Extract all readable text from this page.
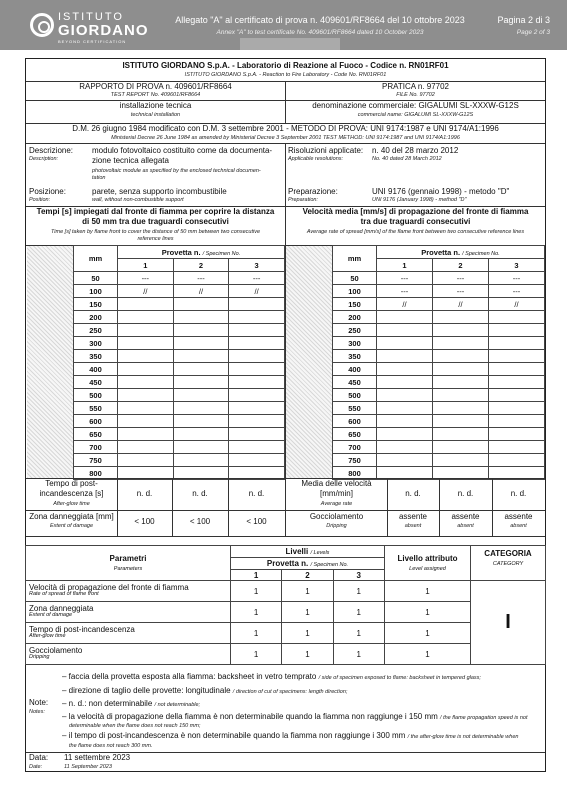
ISTITUTO
GIORDANO
BEYOND CERTIFICATION
Allegato "A" al certificato di prova n. 409601/RF8664 del 10 ottobre 2023
Annex "A" to test certificate No. 409601/RF8664 dated 10 October 2023
Pagina 2 di 3
Page 2 of 3
ISTITUTO GIORDANO S.p.A. - Laboratorio di Reazione al Fuoco - Codice n. RN01RF01
ISTITUTO GIORDANO S.p.A. - Reaction to Fire Laboratory - Code No. RN01RF01
RAPPORTO DI PROVA n. 409601/RF8664
TEST REPORT No. 409601/RF8664
PRATICA n. 97702
FILE No. 97702
installazione tecnica
technical installation
denominazione commerciale: GIGALUMI SL-XXXW-G12S
commercial name: GIGALUMI SL-XXXW-G12S
D.M. 26 giugno 1984 modificato con D.M. 3 settembre 2001 - METODO DI PROVA: UNI 9174:1987 e UNI 9174/A1:1996
Ministerial Decree 26 June 1984 as amended by Ministerial Decree 3 September 2001 TEST METHOD: UNI 9174:1987 and UNI 9174/A1:1996
Descrizione:
Description:
modulo fotovoltaico costituito come da documenta-
zione tecnica allegata
photovoltaic module as specified by the enclosed technical documen-
tation
Posizione:
Position:
parete, senza supporto incombustibile
wall, without non-combustible support
Risoluzioni applicate:
Applicable resolutions:
n. 40 del 28 marzo 2012
No. 40 dated 28 March 2012
Preparazione:
Preparation:
UNI 9176 (gennaio 1998) - metodo "D"
UNI 9176 (January 1998) - method "D"
Tempi [s] impiegati dal fronte di fiamma per coprire la distanza
di 50 mm tra due traguardi consecutivi
Time [s] taken by flame front to cover the distance of 50 mm between two consecutive
reference lines
Velocità media [mm/s] di propagazione del fronte di fiamma
tra due traguardi consecutivi
Average rate of spread [mm/s] of the flame front between two consecutive reference lines
mm	Provetta n. / Specimen No.		
	1	2	3
50	---	---	---
100	//	//	//
150			
200			
250			
300			
350			
400			
450			
500			
550			
600			
650			
700			
750			
800			
mm	Provetta n. / Specimen No.		
	1	2	3
50	---	---	---
100	---	---	---
150	//	//	//
200			
250			
300			
350			
400			
450			
500			
550			
600			
650			
700			
750			
800			
Tempo di post-
incandescenza [s]
After-glow time
n. d.	n. d.	n. d.
Zona danneggiata [mm]
Extent of damage	< 100	< 100	< 100
Media delle velocità
[mm/min]
Average rate
n. d.	n. d.	n. d.
Gocciolamento
Dripping
assente
absent
assente
absent
assente
absent
Parametri
Parameters	Livelli / Levels			Livello attributo
Level assigned	CATEGORIA
CATEGORY
	Provetta n. / Specimen No.				
	1	2	3		

Velocità di propagazione del fronte di fiamma
Rate of spread of flame front	1	1	1	1	I

Zona danneggiata
Extent of damage	1	1	1	1	

Tempo di post-incandescenza
After-glow time	1	1	1	1	

Gocciolamento
Dripping	1	1	1	1	
Note:
Notes:
– faccia della provetta esposta alla fiamma: backsheet in vetro temprato / side of specimen exposed to flame: backsheet in tempered glass;
– direzione di taglio delle provette: longitudinale / direction of cut of specimens: length direction;
– n. d.: non determinabile / not determinable;
– la velocità di propagazione della fiamma è non determinabile quando la fiamma non raggiunge i 150 mm / the flame propagation speed is not
determinable when the flame does not reach 150 mm;
– il tempo di post-incandescenza è non determinabile quando la fiamma non raggiunge i 300 mm / the after-glow time is not determinable when
the flame does not reach 300 mm.
Data:
Date:
11 settembre 2023
11 September 2023
